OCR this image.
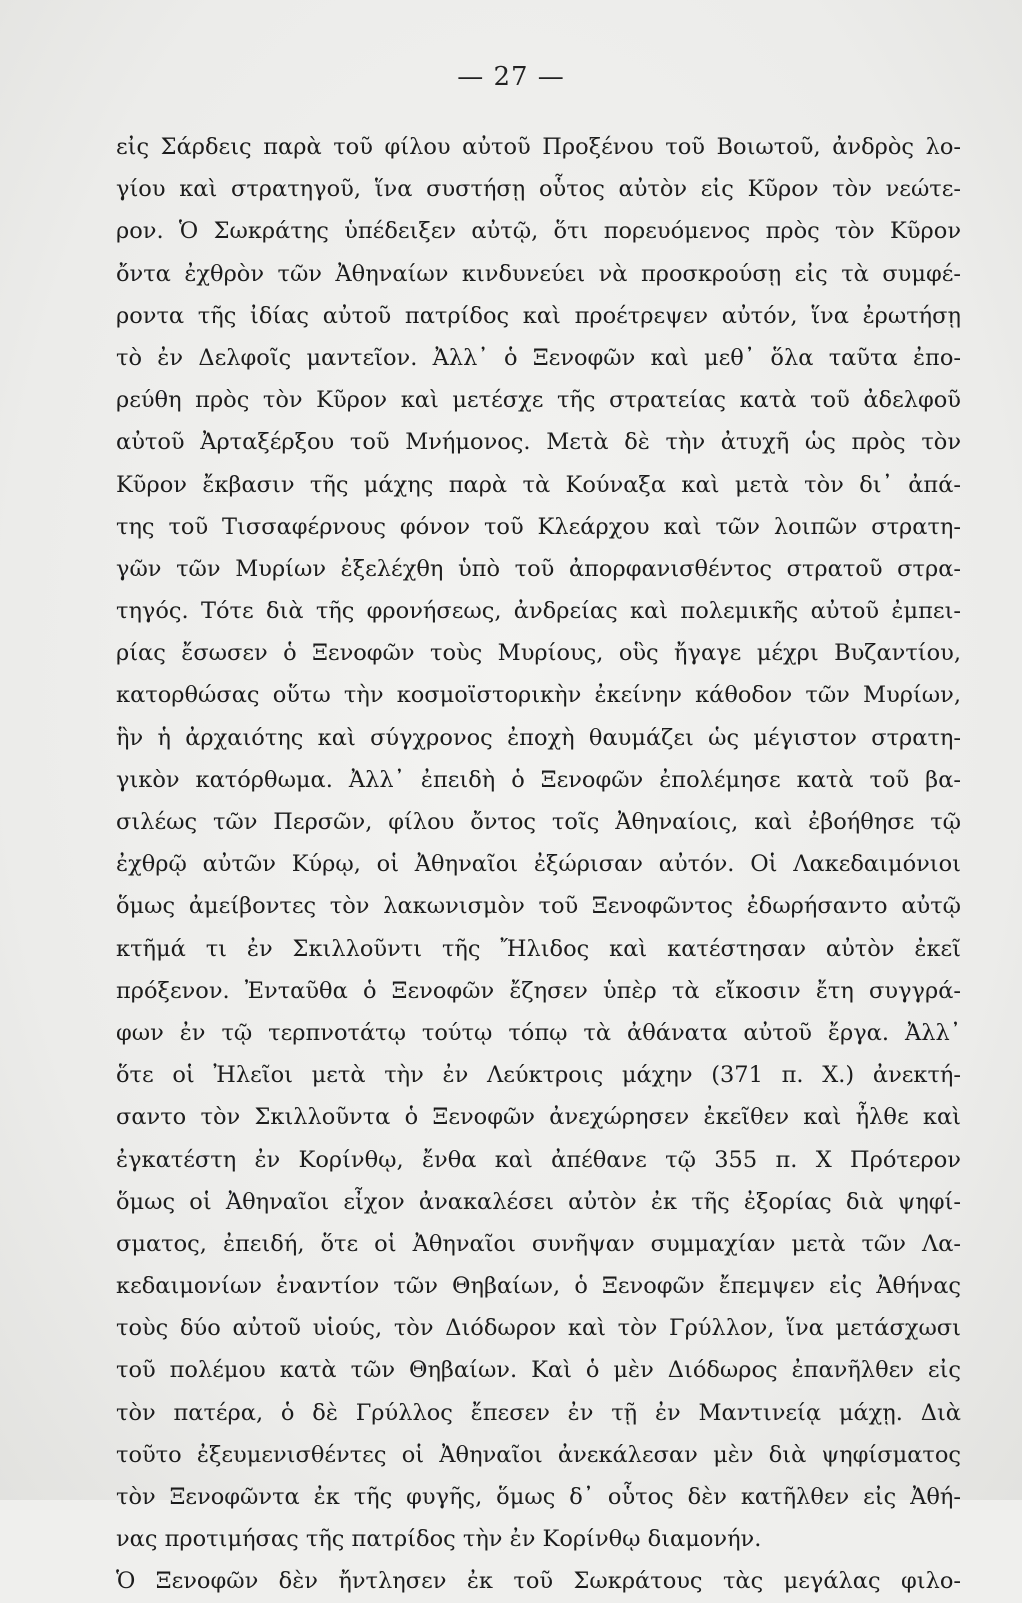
— 27 —
εἰς Σάρδεις παρὰ τοῦ φίλου αὐτοῦ Προξένου τοῦ Βοιωτοῦ, ἀνδρὸς λο-
γίου καὶ στρατηγοῦ, ἵνα συστήσῃ οὗτος αὐτὸν εἰς Κῦρον τὸν νεώτε-
ρον. Ὁ Σωκράτης ὑπέδειξεν αὐτῷ, ὅτι πορευόμενος πρὸς τὸν Κῦρον
ὄντα ἐχθρὸν τῶν Ἀθηναίων κινδυνεύει νὰ προσκρούσῃ εἰς τὰ συμφέ-
ροντα τῆς ἰδίας αὐτοῦ πατρίδος καὶ προέτρεψεν αὐτόν, ἵνα ἐρωτήσῃ
τὸ ἐν Δελφοῖς μαντεῖον. Ἀλλ᾽ ὁ Ξενοφῶν καὶ μεθ᾽ ὅλα ταῦτα ἐπο-
ρεύθη πρὸς τὸν Κῦρον καὶ μετέσχε τῆς στρατείας κατὰ τοῦ ἀδελφοῦ
αὐτοῦ Ἀρταξέρξου τοῦ Μνήμονος. Μετὰ δὲ τὴν ἀτυχῆ ὡς πρὸς τὸν
Κῦρον ἔκβασιν τῆς μάχης παρὰ τὰ Κούναξα καὶ μετὰ τὸν δι᾽ ἀπά-
της τοῦ Τισσαφέρνους φόνον τοῦ Κλεάρχου καὶ τῶν λοιπῶν στρατη-
γῶν τῶν Μυρίων ἐξελέχθη ὑπὸ τοῦ ἀπορφανισθέντος στρατοῦ στρα-
τηγός. Τότε διὰ τῆς φρονήσεως, ἀνδρείας καὶ πολεμικῆς αὐτοῦ ἐμπει-
ρίας ἔσωσεν ὁ Ξενοφῶν τοὺς Μυρίους, οὓς ἤγαγε μέχρι Βυζαντίου,
κατορθώσας οὕτω τὴν κοσμοϊστορικὴν ἐκείνην κάθοδον τῶν Μυρίων,
ἣν ἡ ἀρχαιότης καὶ σύγχρονος ἐποχὴ θαυμάζει ὡς μέγιστον στρατη-
γικὸν κατόρθωμα. Ἀλλ᾽ ἐπειδὴ ὁ Ξενοφῶν ἐπολέμησε κατὰ τοῦ βα-
σιλέως τῶν Περσῶν, φίλου ὄντος τοῖς Ἀθηναίοις, καὶ ἐβοήθησε τῷ
ἐχθρῷ αὐτῶν Κύρῳ, οἱ Ἀθηναῖοι ἐξώρισαν αὐτόν. Οἱ Λακεδαιμόνιοι
ὅμως ἀμείβοντες τὸν λακωνισμὸν τοῦ Ξενοφῶντος ἐδωρήσαντο αὐτῷ
κτῆμά τι ἐν Σκιλλοῦντι τῆς Ἤλιδος καὶ κατέστησαν αὐτὸν ἐκεῖ
πρόξενον. Ἐνταῦθα ὁ Ξενοφῶν ἔζησεν ὑπὲρ τὰ εἴκοσιν ἔτη συγγρά-
φων ἐν τῷ τερπνοτάτῳ τούτῳ τόπῳ τὰ ἀθάνατα αὐτοῦ ἔργα. Ἀλλ᾽
ὅτε οἱ Ἠλεῖοι μετὰ τὴν ἐν Λεύκτροις μάχην (371 π. Χ.) ἀνεκτή-
σαντο τὸν Σκιλλοῦντα ὁ Ξενοφῶν ἀνεχώρησεν ἐκεῖθεν καὶ ἦλθε καὶ
ἐγκατέστη ἐν Κορίνθῳ, ἔνθα καὶ ἀπέθανε τῷ 355 π. Χ Πρότερον
ὅμως οἱ Ἀθηναῖοι εἶχον ἀνακαλέσει αὐτὸν ἐκ τῆς ἐξορίας διὰ ψηφί-
σματος, ἐπειδή, ὅτε οἱ Ἀθηναῖοι συνῆψαν συμμαχίαν μετὰ τῶν Λα-
κεδαιμονίων ἐναντίον τῶν Θηβαίων, ὁ Ξενοφῶν ἔπεμψεν εἰς Ἀθήνας
τοὺς δύο αὐτοῦ υἱούς, τὸν Διόδωρον καὶ τὸν Γρύλλον, ἵνα μετάσχωσι
τοῦ πολέμου κατὰ τῶν Θηβαίων. Καὶ ὁ μὲν Διόδωρος ἐπανῆλθεν εἰς
τὸν πατέρα, ὁ δὲ Γρύλλος ἔπεσεν ἐν τῇ ἐν Μαντινείᾳ μάχῃ. Διὰ
τοῦτο ἐξευμενισθέντες οἱ Ἀθηναῖοι ἀνεκάλεσαν μὲν διὰ ψηφίσματος
τὸν Ξενοφῶντα ἐκ τῆς φυγῆς, ὅμως δ᾽ οὗτος δὲν κατῆλθεν εἰς Ἀθή-
νας προτιμήσας τῆς πατρίδος τὴν ἐν Κορίνθῳ διαμονήν.
Ὁ Ξενοφῶν δὲν ἤντλησεν ἐκ τοῦ Σωκράτους τὰς μεγάλας φιλο-
